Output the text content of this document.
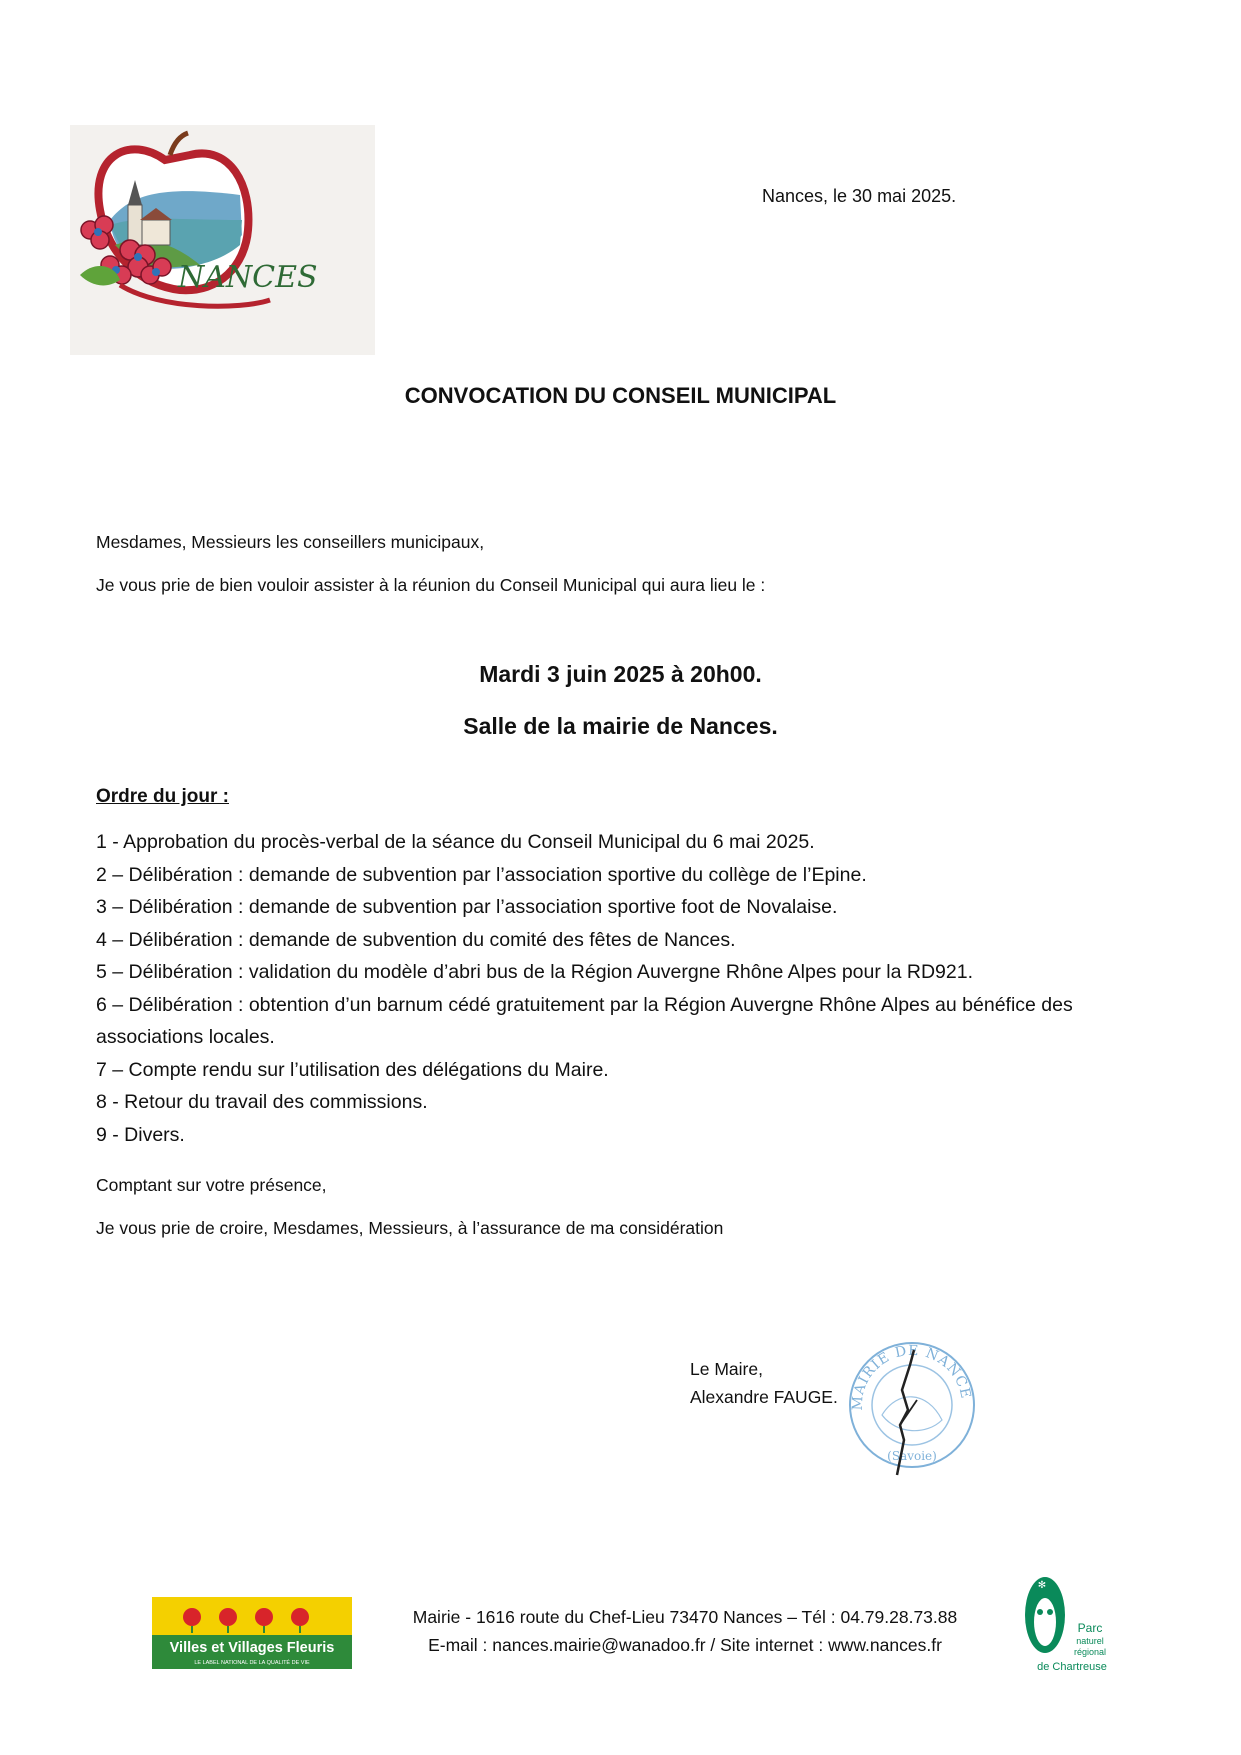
NANCES
Nances, le 30 mai 2025.
CONVOCATION DU CONSEIL MUNICIPAL
Mesdames, Messieurs les conseillers municipaux,
Je vous prie de bien vouloir assister à la réunion du Conseil Municipal qui aura lieu le :
Mardi 3 juin 2025 à 20h00.
Salle de la mairie de Nances.
Ordre du jour :
1 - Approbation du procès-verbal de la séance du Conseil Municipal du 6 mai 2025.
2 – Délibération : demande de subvention par l’association sportive du collège de l’Epine.
3 – Délibération : demande de subvention par l’association sportive foot de Novalaise.
4 – Délibération : demande de subvention du comité des fêtes de Nances.
5 – Délibération : validation du modèle d’abri bus de la Région Auvergne Rhône Alpes pour la RD921.
6 – Délibération : obtention d’un barnum cédé gratuitement par la Région Auvergne Rhône Alpes au bénéfice des associations locales.
7 – Compte rendu sur l’utilisation des délégations du Maire.
8 - Retour du travail des commissions.
9 - Divers.
Comptant sur votre présence,
Je vous prie de croire, Mesdames, Messieurs, à l’assurance de ma considération
Le Maire,
Alexandre FAUGE. MAIRIE DE NANCE
(Savoie)
Villes et Villages Fleuris
LE LABEL NATIONAL DE LA QUALITÉ DE VIE
Mairie - 1616 route du Chef-Lieu 73470 Nances – Tél : 04.79.28.73.88
E-mail : nances.mairie@wanadoo.fr / Site internet : www.nances.fr
✻
Parc
naturel
régional
de Chartreuse
